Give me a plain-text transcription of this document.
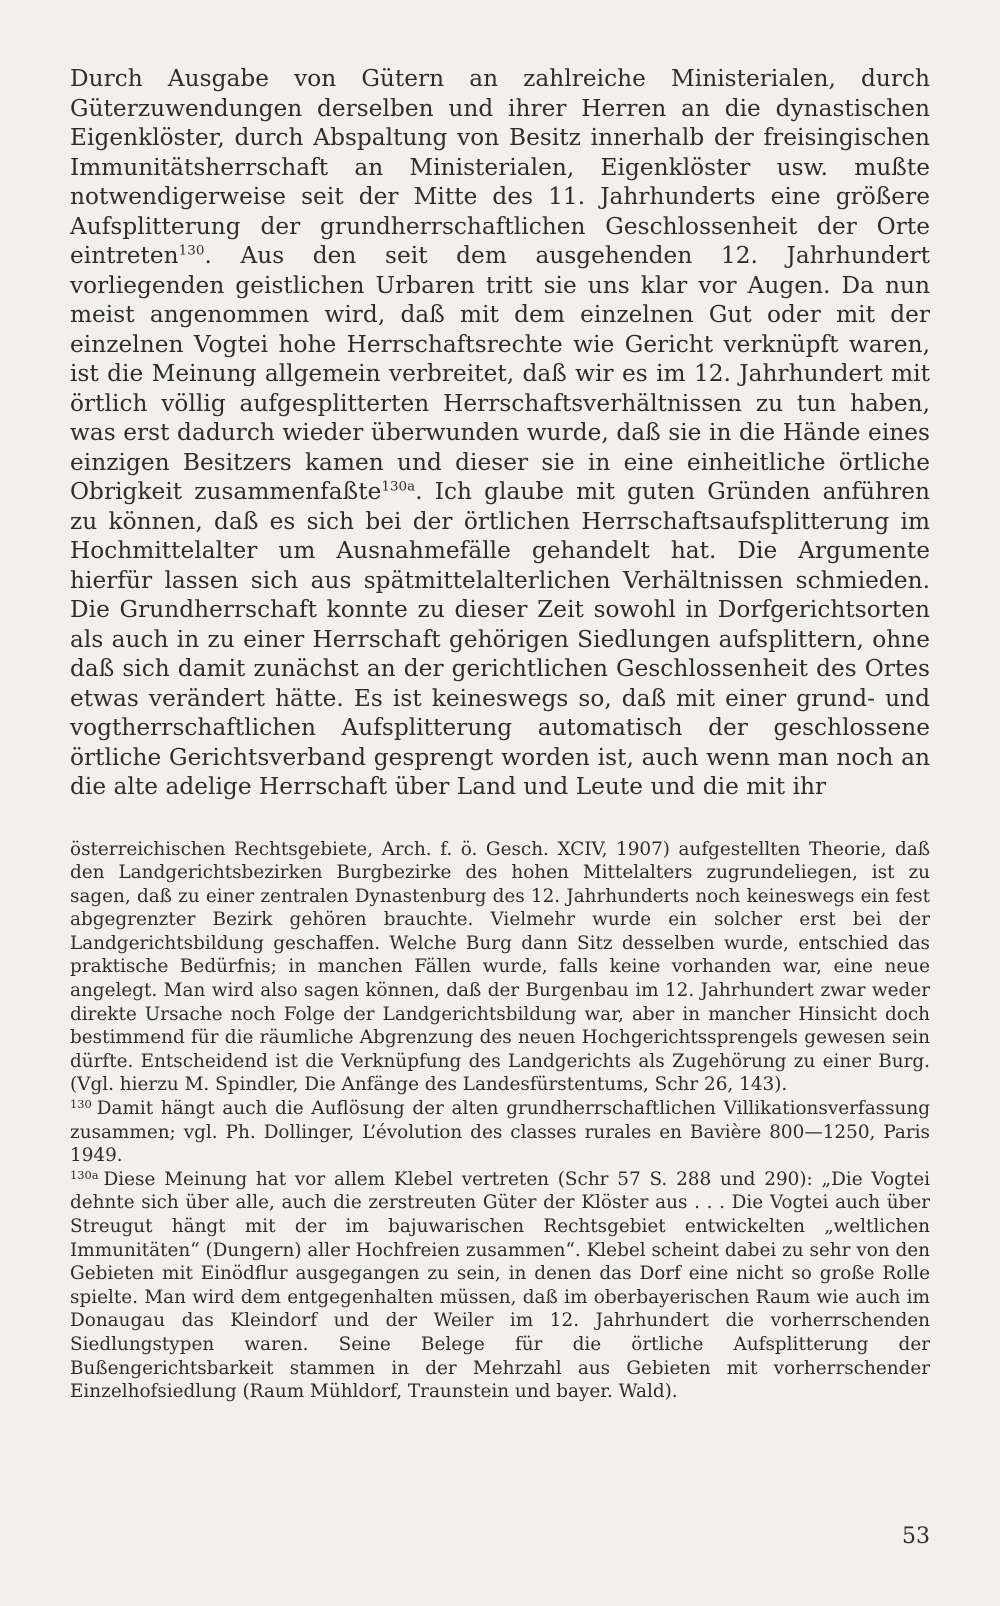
Durch Ausgabe von Gütern an zahlreiche Ministerialen, durch Güterzuwendungen derselben und ihrer Herren an die dynastischen Eigenklöster, durch Abspaltung von Besitz innerhalb der freisingischen Immunitätsherrschaft an Ministerialen, Eigenklöster usw. mußte notwendigerweise seit der Mitte des 11. Jahrhunderts eine größere Aufsplitterung der grundherrschaftlichen Geschlossenheit der Orte eintreten$^{130}$. Aus den seit dem ausgehenden 12. Jahrhundert vorliegenden geistlichen Urbaren tritt sie uns klar vor Augen. Da nun meist angenommen wird, daß mit dem einzelnen Gut oder mit der einzelnen Vogtei hohe Herrschaftsrechte wie Gericht verknüpft waren, ist die Meinung allgemein verbreitet, daß wir es im 12. Jahrhundert mit örtlich völlig aufgesplitterten Herrschaftsverhältnissen zu tun haben, was erst dadurch wieder überwunden wurde, daß sie in die Hände eines einzigen Besitzers kamen und dieser sie in eine einheitliche örtliche Obrigkeit zusammenfaßte$^{130a}$. Ich glaube mit guten Gründen anführen zu können, daß es sich bei der örtlichen Herrschaftsaufsplitterung im Hochmittelalter um Ausnahmefälle gehandelt hat. Die Argumente hierfür lassen sich aus spätmittelalterlichen Verhältnissen schmieden. Die Grundherrschaft konnte zu dieser Zeit sowohl in Dorfgerichtsorten als auch in zu einer Herrschaft gehörigen Siedlungen aufsplittern, ohne daß sich damit zunächst an der gerichtlichen Geschlossenheit des Ortes etwas verändert hätte. Es ist keineswegs so, daß mit einer grund- und vogtherrschaftlichen Aufsplitterung automatisch der geschlossene örtliche Gerichtsverband gesprengt worden ist, auch wenn man noch an die alte adelige Herrschaft über Land und Leute und die mit ihr

österreichischen Rechtsgebiete, Arch. f. ö. Gesch. XCIV, 1907) aufgestellten Theorie, daß den Landgerichtsbezirken Burgbezirke des hohen Mittelalters zugrundeliegen, ist zu sagen, daß zu einer zentralen Dynastenburg des 12. Jahrhunderts noch keineswegs ein fest abgegrenzter Bezirk gehören brauchte. Vielmehr wurde ein solcher erst bei der Landgerichtsbildung geschaffen. Welche Burg dann Sitz desselben wurde, entschied das praktische Bedürfnis; in manchen Fällen wurde, falls keine vorhanden war, eine neue angelegt. Man wird also sagen können, daß der Burgenbau im 12. Jahrhundert zwar weder direkte Ursache noch Folge der Landgerichtsbildung war, aber in mancher Hinsicht doch bestimmend für die räumliche Abgrenzung des neuen Hochgerichtssprengels gewesen sein dürfte. Entscheidend ist die Verknüpfung des Landgerichts als Zugehörung zu einer Burg. (Vgl. hierzu M. Spindler, Die Anfänge des Landesfürstentums, Schr 26, 143).

$^{130}$ Damit hängt auch die Auflösung der alten grundherrschaftlichen Villikationsverfassung zusammen; vgl. Ph. Dollinger, L’évolution des classes rurales en Bavière 800—1250, Paris 1949.

$^{130a}$ Diese Meinung hat vor allem Klebel vertreten (Schr 57 S. 288 und 290): „Die Vogtei dehnte sich über alle, auch die zerstreuten Güter der Klöster aus . . . Die Vogtei auch über Streugut hängt mit der im bajuwarischen Rechtsgebiet entwickelten „weltlichen Immunitäten“ (Dungern) aller Hochfreien zusammen“. Klebel scheint dabei zu sehr von den Gebieten mit Einödflur ausgegangen zu sein, in denen das Dorf eine nicht so große Rolle spielte. Man wird dem entgegenhalten müssen, daß im oberbayerischen Raum wie auch im Donaugau das Kleindorf und der Weiler im 12. Jahrhundert die vorherrschenden Siedlungstypen waren. Seine Belege für die örtliche Aufsplitterung der Bußengerichtsbarkeit stammen in der Mehrzahl aus Gebieten mit vorherrschender Einzelhofsiedlung (Raum Mühldorf, Traunstein und bayer. Wald).

53
